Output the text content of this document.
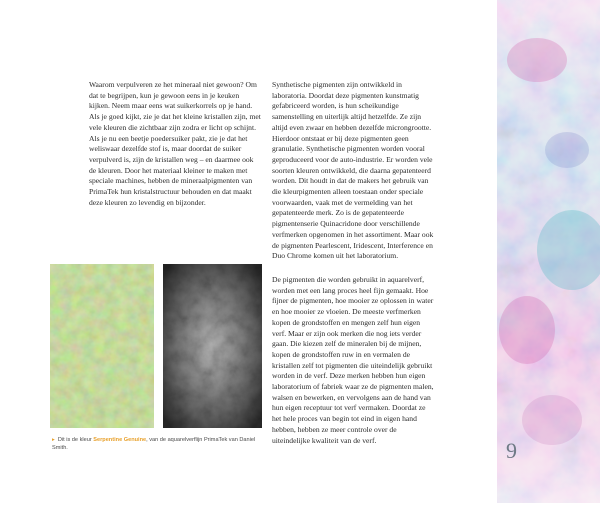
Waarom verpulveren ze het mineraal niet gewoon? Om dat te begrijpen, kun je gewoon eens in je keuken kijken. Neem maar eens wat suikerkorrels op je hand. Als je goed kijkt, zie je dat het kleine kristallen zijn, met vele kleuren die zichtbaar zijn zodra er licht op schijnt. Als je nu een beetje poedersuiker pakt, zie je dat het weliswaar dezelfde stof is, maar doordat de suiker verpulverd is, zijn de kristallen weg – en daarmee ook de kleuren. Door het materiaal kleiner te maken met speciale machines, hebben de mineraalpigmenten van PrimaTek hun kristalstructuur behouden en dat maakt deze kleuren zo levendig en bijzonder.
Synthetische pigmenten zijn ontwikkeld in laboratoria. Doordat deze pigmenten kunstmatig gefabriceerd worden, is hun scheikundige samenstelling en uiterlijk altijd hetzelfde. Ze zijn altijd even zwaar en hebben dezelfde microngrootte. Hierdoor ontstaat er bij deze pigmenten geen granulatie. Synthetische pigmenten worden vooral geproduceerd voor de auto-industrie. Er worden vele soorten kleuren ontwikkeld, die daarna gepatenteerd worden. Dit houdt in dat de makers het gebruik van die kleurpigmenten alleen toestaan onder speciale voorwaarden, vaak met de vermelding van het gepatenteerde merk. Zo is de gepatenteerde pigmentenserie Quinacridone door verschillende verfmerken opgenomen in het assortiment. Maar ook de pigmenten Pearlescent, Iridescent, Interference en Duo Chrome komen uit het laboratorium.
De pigmenten die worden gebruikt in aquarelverf, worden met een lang proces heel fijn gemaakt. Hoe fijner de pigmenten, hoe mooier ze oplossen in water en hoe mooier ze vloeien. De meeste verfmerken kopen de grondstoffen en mengen zelf hun eigen verf. Maar er zijn ook merken die nog iets verder gaan. Die kiezen zelf de mineralen bij de mijnen, kopen de grondstoffen ruw in en vermalen de kristallen zelf tot pigmenten die uiteindelijk gebruikt worden in de verf. Deze merken hebben hun eigen laboratorium of fabriek waar ze de pigmenten malen, walsen en bewerken, en vervolgens aan de hand van hun eigen receptuur tot verf vermaken. Doordat ze het hele proces van begin tot eind in eigen hand hebben, hebben ze meer controle over de uiteindelijke kwaliteit van de verf.
▸ Dit is de kleur Serpentine Genuine, van de aquarelverflijn PrimaTek van Daniel Smith.	9
